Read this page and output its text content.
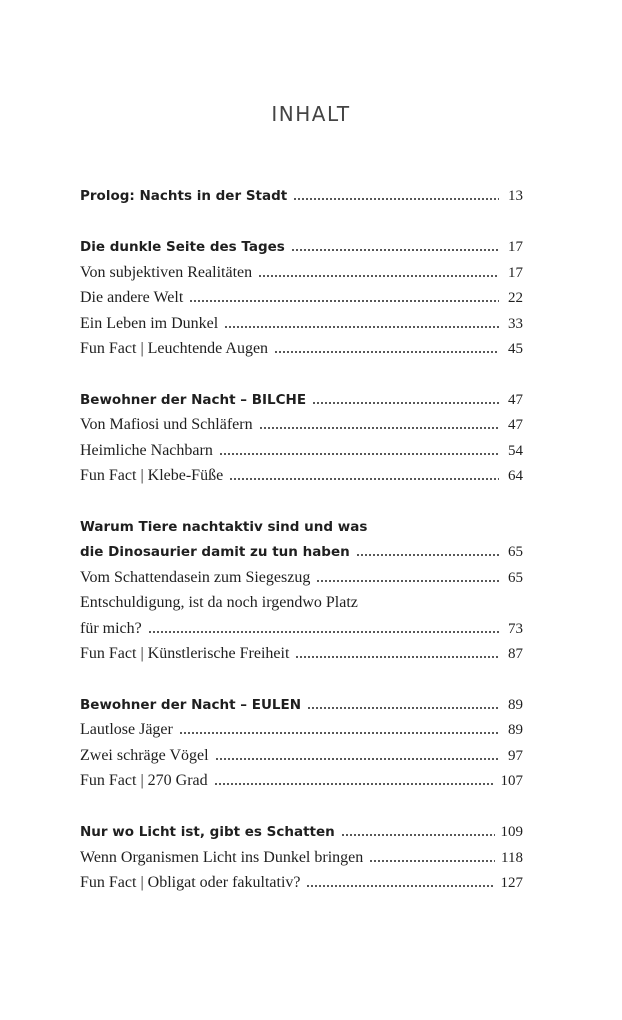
INHALT
Prolog: Nachts in der Stadt	13
Die dunkle Seite des Tages	17
Von subjektiven Realitäten	17
Die andere Welt	22
Ein Leben im Dunkel	33
Fun Fact | Leuchtende Augen	45
Bewohner der Nacht – BILCHE	47
Von Mafiosi und Schläfern	47
Heimliche Nachbarn	54
Fun Fact | Klebe-Füße	64
Warum Tiere nachtaktiv sind und was
die Dinosaurier damit zu tun haben	65
Vom Schattendasein zum Siegeszug	65
Entschuldigung, ist da noch irgendwo Platz
für mich?	73
Fun Fact | Künstlerische Freiheit	87
Bewohner der Nacht – EULEN	89
Lautlose Jäger	89
Zwei schräge Vögel	97
Fun Fact | 270 Grad	107
Nur wo Licht ist, gibt es Schatten	109
Wenn Organismen Licht ins Dunkel bringen	118
Fun Fact | Obligat oder fakultativ?	127
